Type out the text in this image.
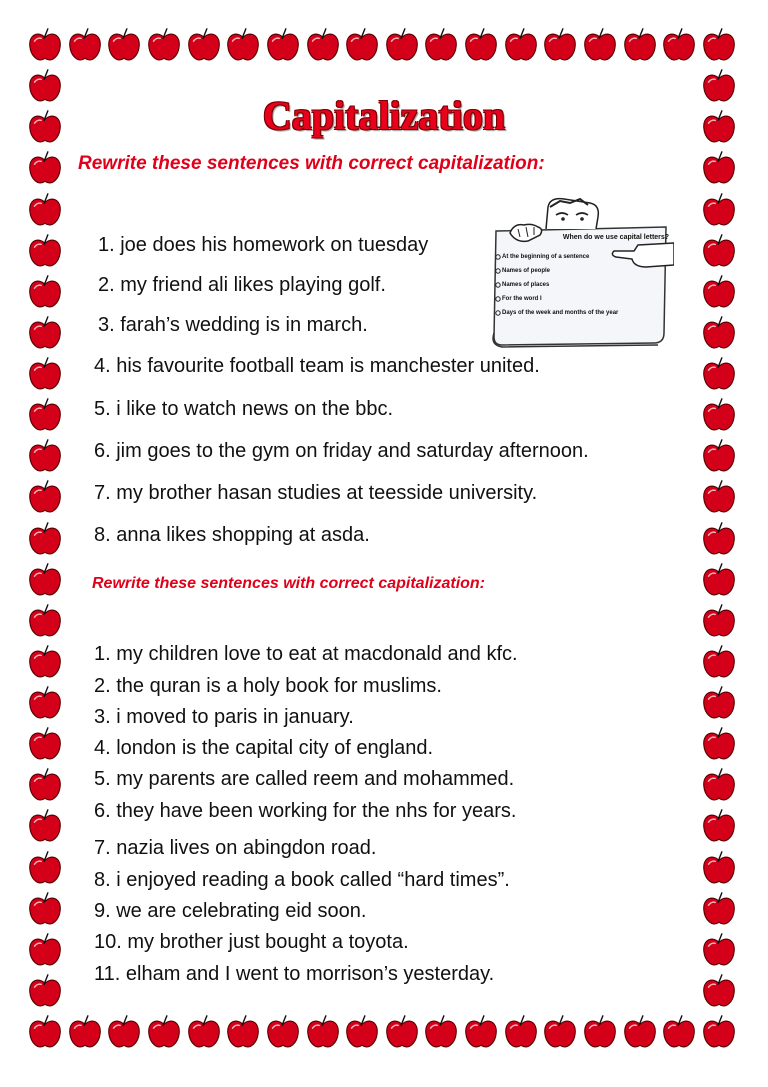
Capitalization
Rewrite these sentences with correct capitalization:
1. joe does his homework on tuesday
2. my friend ali likes playing golf.
3. farah’s wedding is in march.
4. his favourite football team is manchester united.
5. i like to watch news on the bbc.
6. jim goes to the gym on friday and saturday afternoon.
7. my brother hasan studies at teesside university.
8. anna likes shopping at asda.
When do we use capital letters?
At the beginning of a sentence
Names of people
Names of places
For the word I
Days of the week and months of the year
Rewrite these sentences with correct capitalization:
1. my children love to eat at macdonald and kfc.
2. the quran is a holy book for muslims.
3. i moved to paris in january.
4. london is the capital city of england.
5. my parents are called reem and mohammed.
6. they have been working for the nhs for years.
7. nazia lives on abingdon road.
8. i enjoyed reading a book called “hard times”.
9. we are celebrating eid soon.
10. my brother just bought a toyota.
11. elham and I went to morrison’s yesterday.
